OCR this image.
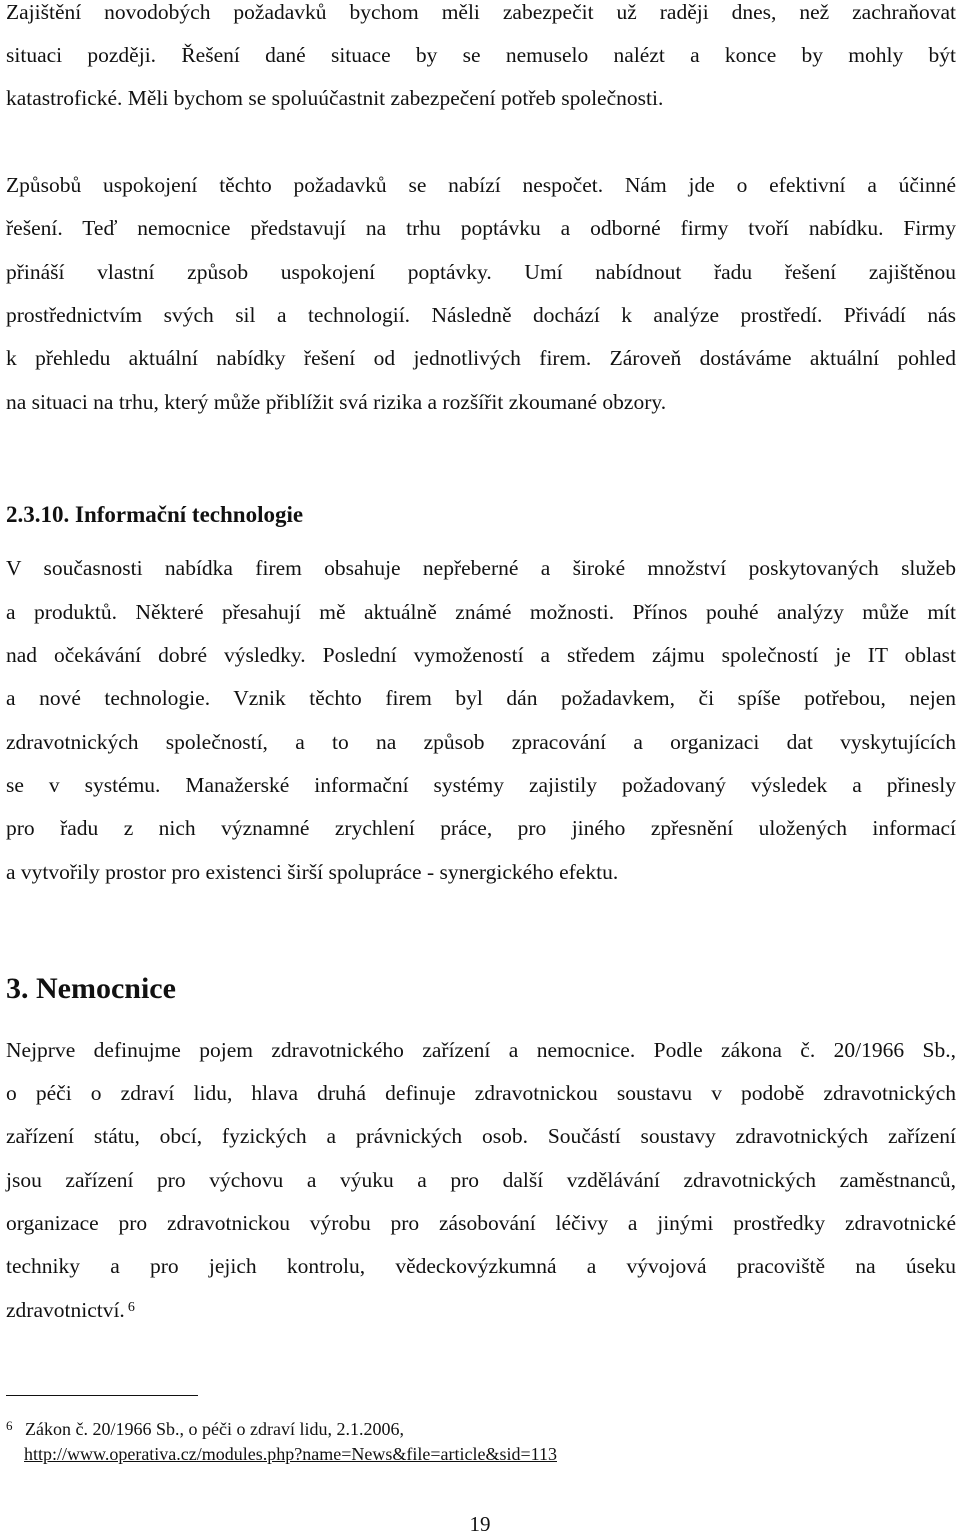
Zajištění novodobých požadavků bychom měli zabezpečit už raději dnes, než zachraňovat
situaci později. Řešení dané situace by se nemuselo nalézt a konce by mohly být
katastrofické. Měli bychom se spoluúčastnit zabezpečení potřeb společnosti.
Způsobů uspokojení těchto požadavků se nabízí nespočet. Nám jde o efektivní a účinné
řešení. Teď nemocnice představují na trhu poptávku a odborné firmy tvoří nabídku. Firmy
přináší vlastní způsob uspokojení poptávky. Umí nabídnout řadu řešení zajištěnou
prostřednictvím svých sil a technologií. Následně dochází k analýze prostředí. Přivádí nás
k přehledu aktuální nabídky řešení od jednotlivých firem. Zároveň dostáváme aktuální pohled
na situaci na trhu, který může přiblížit svá rizika a rozšířit zkoumané obzory.
2.3.10. Informační technologie
V současnosti nabídka firem obsahuje nepřeberné a široké množství poskytovaných služeb
a produktů. Některé přesahují mě aktuálně známé možnosti. Přínos pouhé analýzy může mít
nad očekávání dobré výsledky. Poslední vymožeností a středem zájmu společností je IT oblast
a nové technologie. Vznik těchto firem byl dán požadavkem, či spíše potřebou, nejen
zdravotnických společností, a to na způsob zpracování a organizaci dat vyskytujících
se v systému. Manažerské informační systémy zajistily požadovaný výsledek a přinesly
pro řadu z nich významné zrychlení práce, pro jiného zpřesnění uložených informací
a vytvořily prostor pro existenci širší spolupráce - synergického efektu.
3. Nemocnice
Nejprve definujme pojem zdravotnického zařízení a nemocnice. Podle zákona č. 20/1966 Sb.,
o péči o zdraví lidu, hlava druhá definuje zdravotnickou soustavu v podobě zdravotnických
zařízení státu, obcí, fyzických a právnických osob. Součástí soustavy zdravotnických zařízení
jsou zařízení pro výchovu a výuku a pro další vzdělávání zdravotnických zaměstnanců,
organizace pro zdravotnickou výrobu pro zásobování léčivy a jinými prostředky zdravotnické
techniky a pro jejich kontrolu, vědeckovýzkumná a vývojová pracoviště na úseku
zdravotnictví. $^6$
$^6$ Zákon č. 20/1966 Sb., o péči o zdraví lidu, 2.1.2006,
http://www.operativa.cz/modules.php?name=News&file=article&sid=113
19
